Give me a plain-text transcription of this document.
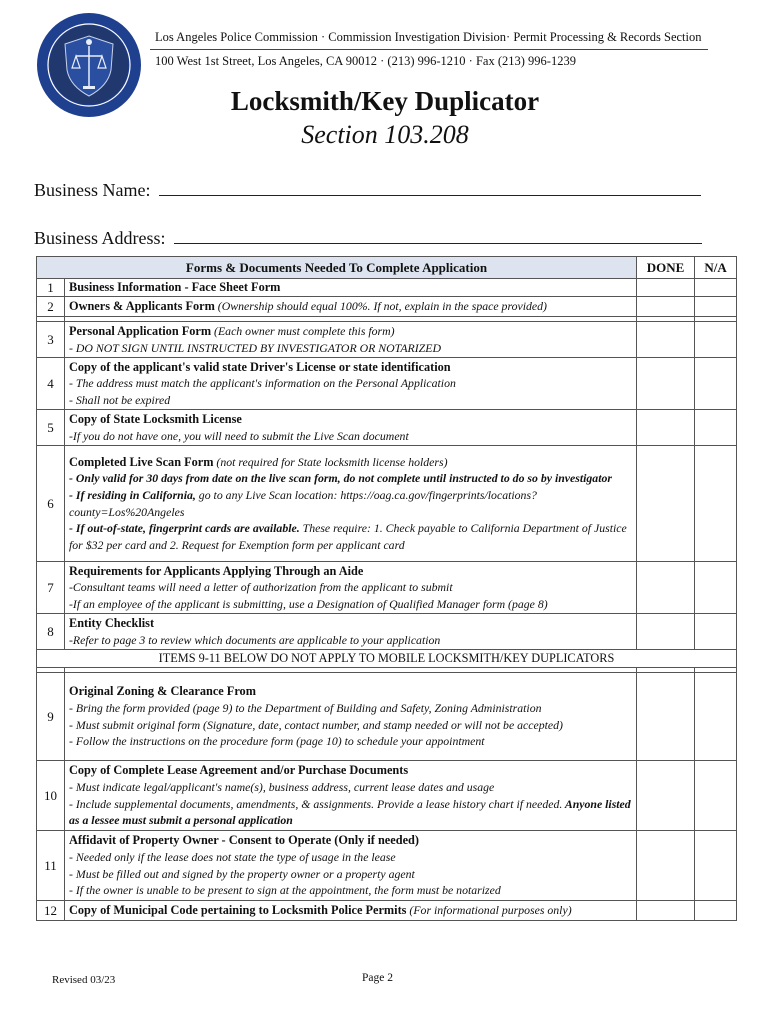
Los Angeles Police Commission · Commission Investigation Division· Permit Processing & Records Section
100 West 1st Street, Los Angeles, CA 90012 · (213) 996-1210 · Fax (213) 996-1239
Locksmith/Key Duplicator
Section 103.208
Business Name:
Business Address:
Forms & Documents Needed To Complete Application		DONE	N/A
1	Business Information - Face Sheet Form		
2	Owners & Applicants Form (Ownership should equal 100%. If not, explain in the space provided)		

3	Personal Application Form (Each owner must complete this form)
- DO NOT SIGN UNTIL INSTRUCTED BY INVESTIGATOR OR NOTARIZED		
4	Copy of the applicant's valid state Driver's License or state identification
- The address must match the applicant's information on the Personal Application
- Shall not be expired		
5	Copy of State Locksmith License
-If you do not have one, you will need to submit the Live Scan document		
6	Completed Live Scan Form (not required for State locksmith license holders)
- Only valid for 30 days from date on the live scan form, do not complete until instructed to do so by investigator
- If residing in California, go to any Live Scan location: https://oag.ca.gov/fingerprints/locations?county=Los%20Angeles
- If out-of-state, fingerprint cards are available. These require: 1. Check payable to California Department of Justice for $32 per card and 2. Request for Exemption form per applicant card		
7	Requirements for Applicants Applying Through an Aide
-Consultant teams will need a letter of authorization from the applicant to submit
-If an employee of the applicant is submitting, use a Designation of Qualified Manager form (page 8)		
8	Entity Checklist
-Refer to page 3 to review which documents are applicable to your application		
ITEMS 9-11 BELOW DO NOT APPLY TO MOBILE LOCKSMITH/KEY DUPLICATORS			

9	Original Zoning & Clearance From
- Bring the form provided (page 9) to the Department of Building and Safety, Zoning Administration
- Must submit original form (Signature, date, contact number, and stamp needed or will not be accepted)
- Follow the instructions on the procedure form (page 10) to schedule your appointment		
10	Copy of Complete Lease Agreement and/or Purchase Documents
- Must indicate legal/applicant's name(s), business address, current lease dates and usage
- Include supplemental documents, amendments, & assignments. Provide a lease history chart if needed. Anyone listed as a lessee must submit a personal application		
11	Affidavit of Property Owner - Consent to Operate (Only if needed)
- Needed only if the lease does not state the type of usage in the lease
- Must be filled out and signed by the property owner or a property agent
- If the owner is unable to be present to sign at the appointment, the form must be notarized		
12	Copy of Municipal Code pertaining to Locksmith Police Permits (For informational purposes only)		
Revised 03/23	Page 2
